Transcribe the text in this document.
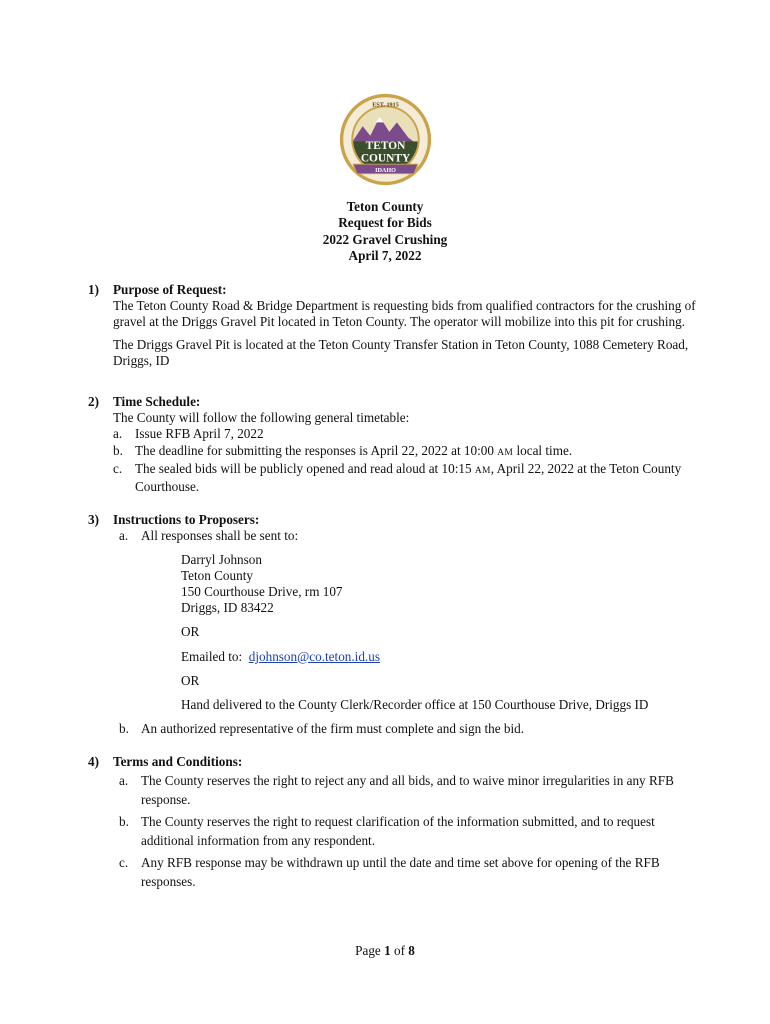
EST. 1915
TETON
COUNTY
IDAHO
Teton County
Request for Bids
2022 Gravel Crushing
April 7, 2022
1) Purpose of Request:

The Teton County Road & Bridge Department is requesting bids from qualified contractors for the crushing of gravel at the Driggs Gravel Pit located in Teton County. The operator will mobilize into this pit for crushing.

The Driggs Gravel Pit is located at the Teton County Transfer Station in Teton County, 1088 Cemetery Road, Driggs, ID

2) Time Schedule:

The County will follow the following general timetable:

a. Issue RFB April 7, 2022
b. The deadline for submitting the responses is April 22, 2022 at 10:00 AM local time.
c. The sealed bids will be publicly opened and read aloud at 10:15 AM, April 22, 2022 at the Teton County Courthouse.
3) Instructions to Proposers:
a. All responses shall be sent to:
Darryl Johnson
Teton County
150 Courthouse Drive, rm 107
Driggs, ID 83422
OR
Emailed to: djohnson@co.teton.id.us
OR
Hand delivered to the County Clerk/Recorder office at 150 Courthouse Drive, Driggs ID
b. An authorized representative of the firm must complete and sign the bid.
4) Terms and Conditions:
a. The County reserves the right to reject any and all bids, and to waive minor irregularities in any RFB response.
b. The County reserves the right to request clarification of the information submitted, and to request additional information from any respondent.
c. Any RFB response may be withdrawn up until the date and time set above for opening of the RFB responses.
Page 1 of 8
